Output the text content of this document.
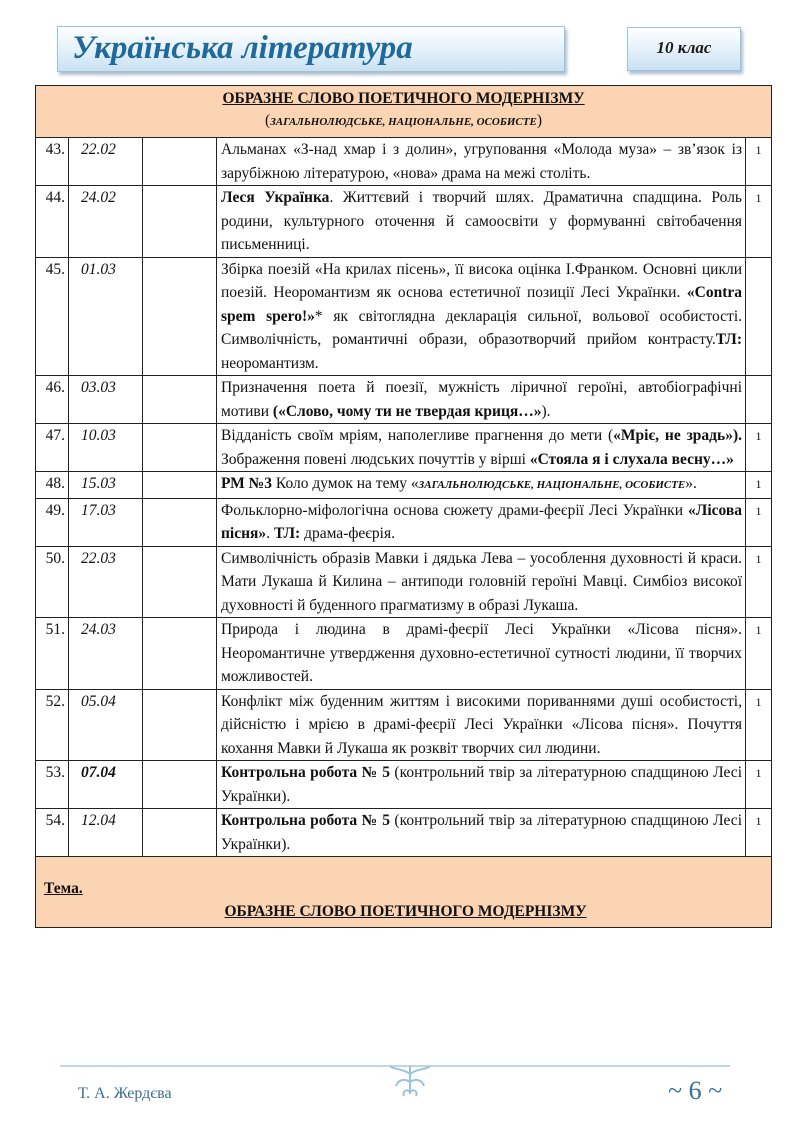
Українська література	10 клас
ОБРАЗНЕ СЛОВО ПОЕТИЧНОГО МОДЕРНІЗМУ
(ЗАГАЛЬНОЛЮДСЬКЕ, НАЦІОНАЛЬНЕ, ОСОБИСТЕ)				

43.	22.02		Альманах «З-над хмар і з долин», угруповання «Молода муза» – зв’язок із зарубіжною літературою, «нова» драма на межі століть.	1
44.	24.02		Леся Українка. Життєвий і творчий шлях. Драматична спадщина. Роль родини, культурного оточення й самоосвіти у формуванні світобачення письменниці.	1
45.	01.03		Збірка поезій «На крилах пісень», її висока оцінка І.Франком. Основні цикли поезій. Неоромантизм як основа естетичної позиції Лесі Українки. «Contra spem spero!»* як світоглядна декларація сильної, вольової особистості. Символічність, романтичні образи, образотворчий прийом контрасту.ТЛ: неоромантизм.	
46.	03.03		Призначення поета й поезії, мужність ліричної героїні, автобіографічні мотиви («Слово, чому ти не твердая криця…»).	
47.	10.03		Відданість своїм мріям, наполегливе прагнення до мети («Мріє, не зрадь»). Зображення повені людських почуттів у вірші «Стояла я і слухала весну…»	1
48.	15.03		РМ №3 Коло думок на тему «ЗАГАЛЬНОЛЮДСЬКЕ, НАЦІОНАЛЬНЕ, ОСОБИСТЕ».	1
49.	17.03		Фольклорно-міфологічна основа сюжету драми-феєрії Лесі Українки «Лісова пісня». ТЛ: драма-феєрія.	1
50.	22.03		Символічність образів Мавки і дядька Лева – уособлення духовності й краси. Мати Лукаша й Килина – антиподи головній героїні Мавці. Симбіоз високої духовності й буденного прагматизму в образі Лукаша.	1
51.	24.03		Природа і людина в драмі-феєрії Лесі Українки «Лісова пісня». Неоромантичне утвердження духовно-естетичної сутності людини, її творчих можливостей.	1
52.	05.04		Конфлікт між буденним життям і високими пориваннями душі особистості, дійсністю і мрією в драмі-феєрії Лесі Українки «Лісова пісня». Почуття кохання Мавки й Лукаша як розквіт творчих сил людини.	1
53.	07.04		Контрольна робота № 5 (контрольний твір за літературною спадщиною Лесі Українки).	1
54.	12.04		Контрольна робота № 5 (контрольний твір за літературною спадщиною Лесі Українки).	1

Тема.
ОБРАЗНЕ СЛОВО ПОЕТИЧНОГО МОДЕРНІЗМУ				
Т. А. Жердєва	~ 6 ~
